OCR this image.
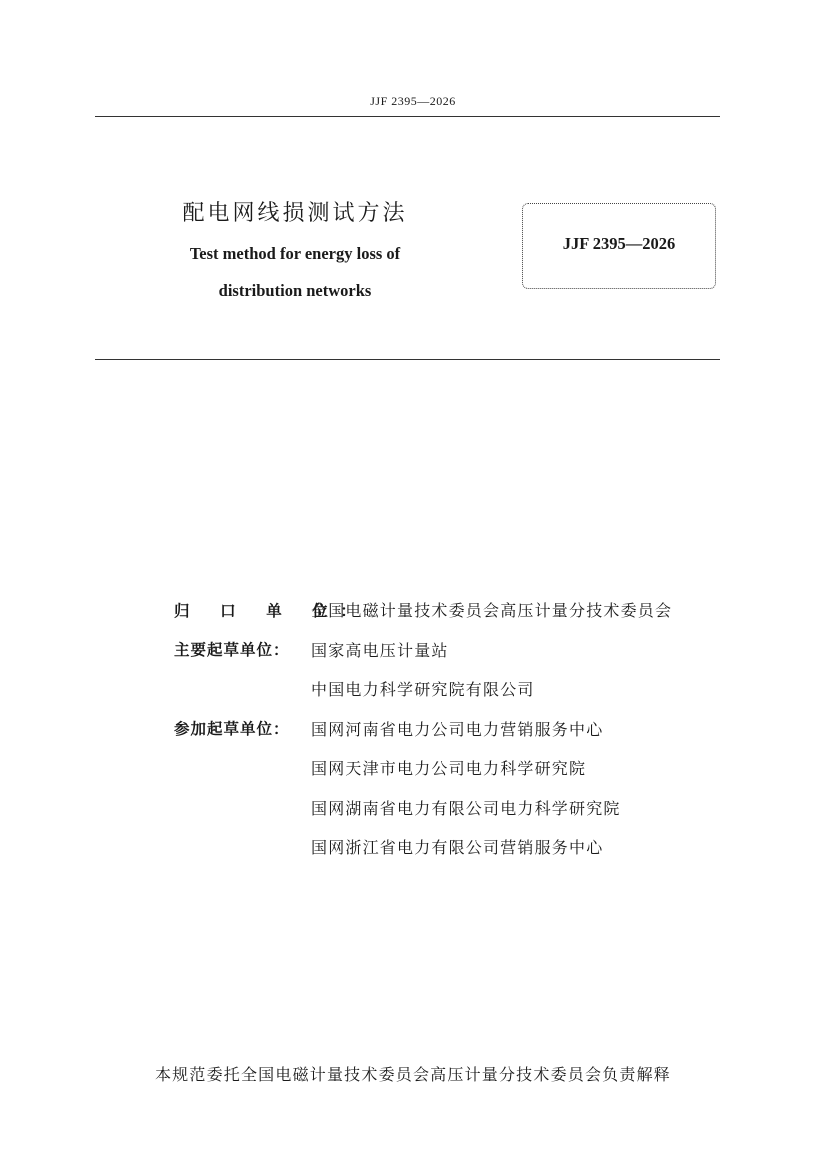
JJF 2395—2026
配电网线损测试方法
Test method for energy loss of
distribution networks
JJF 2395—2026
归 口 单 位：
全国电磁计量技术委员会高压计量分技术委员会
主要起草单位：	国家高电压计量站
中国电力科学研究院有限公司
参加起草单位：	国网河南省电力公司电力营销服务中心
国网天津市电力公司电力科学研究院
国网湖南省电力有限公司电力科学研究院
国网浙江省电力有限公司营销服务中心
本规范委托全国电磁计量技术委员会高压计量分技术委员会负责解释
